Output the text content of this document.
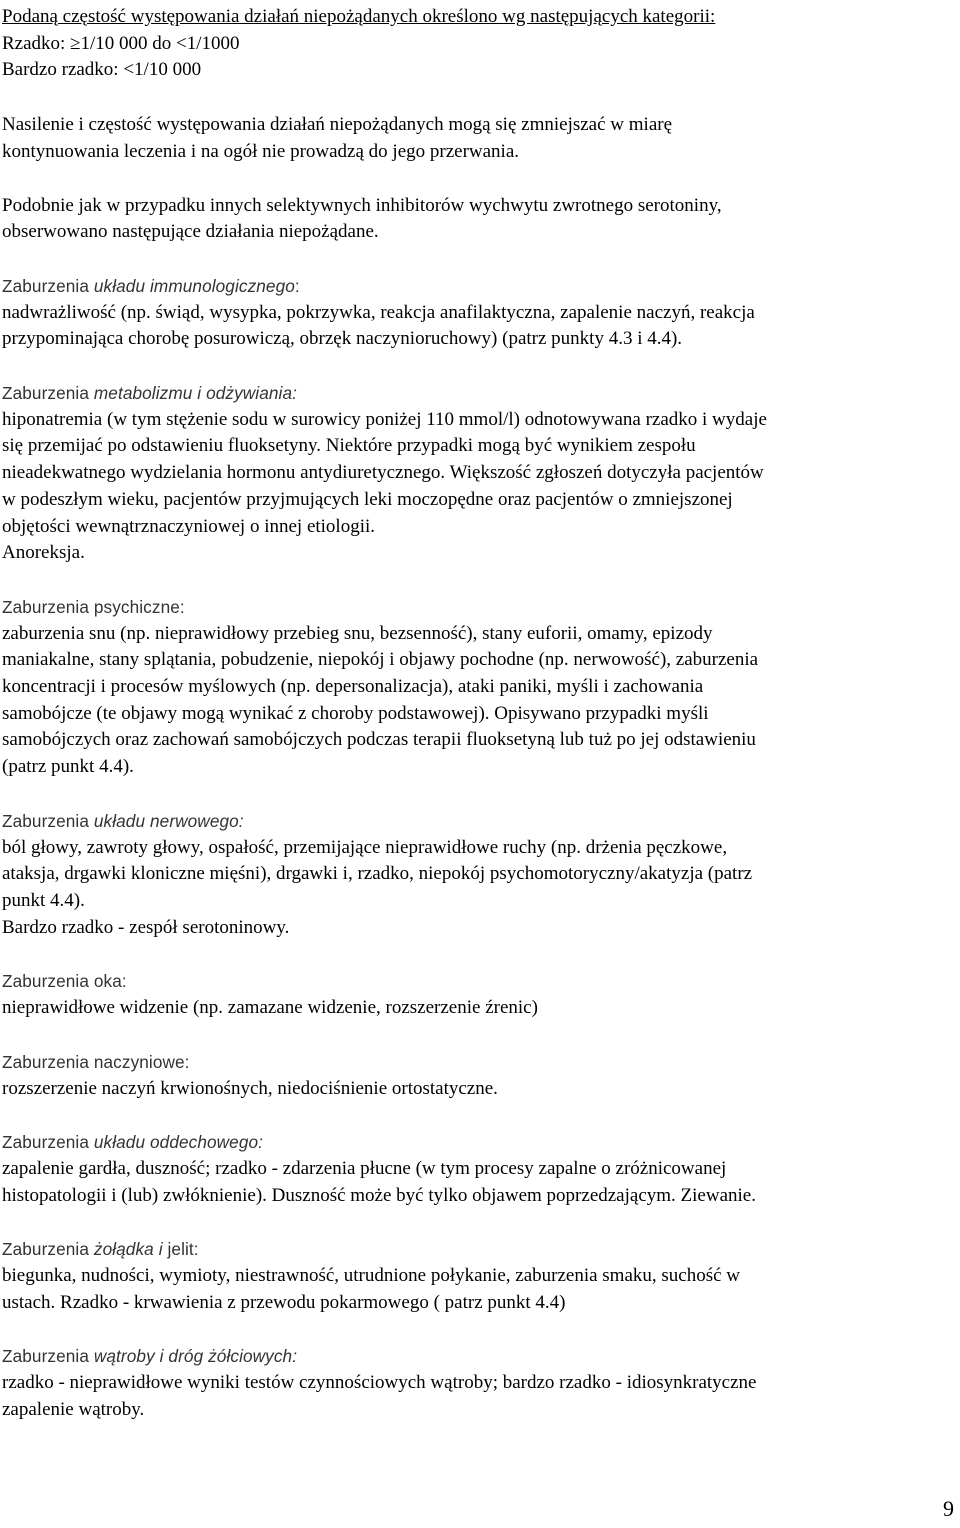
Podaną częstość występowania działań niepożądanych określono wg następujących kategorii:
Rzadko: ≥1/10 000 do <1/1000
Bardzo rzadko: <1/10 000
Nasilenie i częstość występowania działań niepożądanych mogą się zmniejszać w miarę
kontynuowania leczenia i na ogół nie prowadzą do jego przerwania.
Podobnie jak w przypadku innych selektywnych inhibitorów wychwytu zwrotnego serotoniny,
obserwowano następujące działania niepożądane.
Zaburzenia układu immunologicznego:
nadwrażliwość (np. świąd, wysypka, pokrzywka, reakcja anafilaktyczna, zapalenie naczyń, reakcja
przypominająca chorobę posurowiczą, obrzęk naczynioruchowy) (patrz punkty 4.3 i 4.4).
Zaburzenia metabolizmu i odżywiania:
hiponatremia (w tym stężenie sodu w surowicy poniżej 110 mmol/l) odnotowywana rzadko i wydaje
się przemijać po odstawieniu fluoksetyny. Niektóre przypadki mogą być wynikiem zespołu
nieadekwatnego wydzielania hormonu antydiuretycznego. Większość zgłoszeń dotyczyła pacjentów
w podeszłym wieku, pacjentów przyjmujących leki moczopędne oraz pacjentów o zmniejszonej
objętości wewnątrznaczyniowej o innej etiologii.
Anoreksja.
Zaburzenia psychiczne:
zaburzenia snu (np. nieprawidłowy przebieg snu, bezsenność), stany euforii, omamy, epizody
maniakalne, stany splątania, pobudzenie, niepokój i objawy pochodne (np. nerwowość), zaburzenia
koncentracji i procesów myślowych (np. depersonalizacja), ataki paniki, myśli i zachowania
samobójcze (te objawy mogą wynikać z choroby podstawowej). Opisywano przypadki myśli
samobójczych oraz zachowań samobójczych podczas terapii fluoksetyną lub tuż po jej odstawieniu
(patrz punkt 4.4).
Zaburzenia układu nerwowego:
ból głowy, zawroty głowy, ospałość, przemijające nieprawidłowe ruchy (np. drżenia pęczkowe,
ataksja, drgawki kloniczne mięśni), drgawki i, rzadko, niepokój psychomotoryczny/akatyzja (patrz
punkt 4.4).
Bardzo rzadko - zespół serotoninowy.
Zaburzenia oka:
nieprawidłowe widzenie (np. zamazane widzenie, rozszerzenie źrenic)
Zaburzenia naczyniowe:
rozszerzenie naczyń krwionośnych, niedociśnienie ortostatyczne.
Zaburzenia układu oddechowego:
zapalenie gardła, duszność; rzadko - zdarzenia płucne (w tym procesy zapalne o zróżnicowanej
histopatologii i (lub) zwłóknienie). Duszność może być tylko objawem poprzedzającym. Ziewanie.
Zaburzenia żołądka i jelit:
biegunka, nudności, wymioty, niestrawność, utrudnione połykanie, zaburzenia smaku, suchość w
ustach. Rzadko - krwawienia z przewodu pokarmowego ( patrz punkt 4.4)
Zaburzenia wątroby i dróg żółciowych:
rzadko - nieprawidłowe wyniki testów czynnościowych wątroby; bardzo rzadko - idiosynkratyczne
zapalenie wątroby.
9
